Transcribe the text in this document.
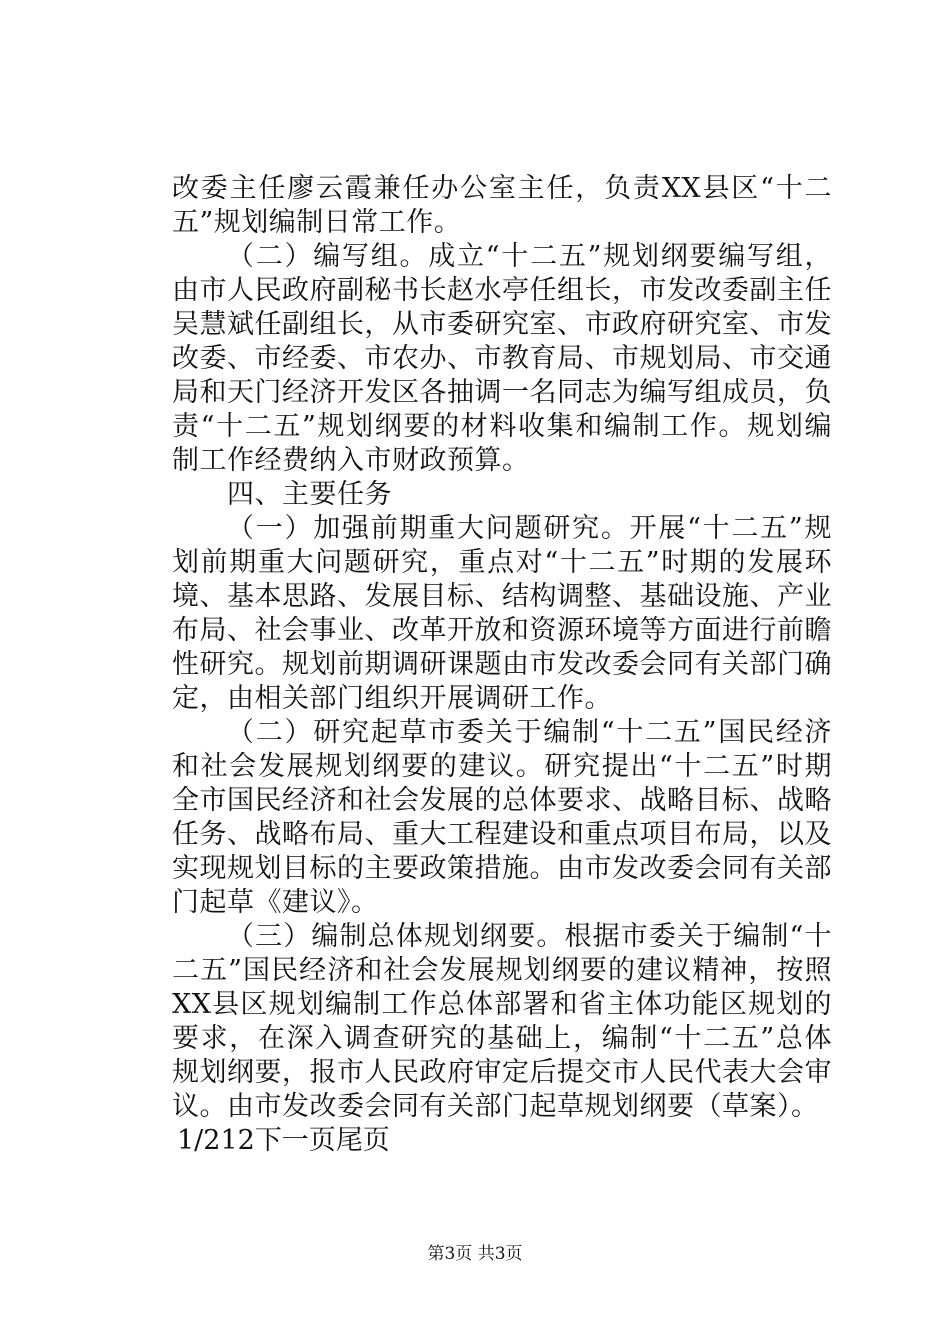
改委主任廖云霞兼任办公室主任，负责XX县区“十二五”规划编制日常工作。

（二）编写组。成立“十二五”规划纲要编写组，由市人民政府副秘书长赵水亭任组长，市发改委副主任吴慧斌任副组长，从市委研究室、市政府研究室、市发改委、市经委、市农办、市教育局、市规划局、市交通局和天门经济开发区各抽调一名同志为编写组成员，负责“十二五”规划纲要的材料收集和编制工作。规划编制工作经费纳入市财政预算。

四、主要任务

（一）加强前期重大问题研究。开展“十二五”规划前期重大问题研究，重点对“十二五”时期的发展环境、基本思路、发展目标、结构调整、基础设施、产业布局、社会事业、改革开放和资源环境等方面进行前瞻性研究。规划前期调研课题由市发改委会同有关部门确定，由相关部门组织开展调研工作。

（二）研究起草市委关于编制“十二五”国民经济和社会发展规划纲要的建议。研究提出“十二五”时期全市国民经济和社会发展的总体要求、战略目标、战略任务、战略布局、重大工程建设和重点项目布局，以及实现规划目标的主要政策措施。由市发改委会同有关部门起草《建议》。

（三）编制总体规划纲要。根据市委关于编制“十二五”国民经济和社会发展规划纲要的建议精神，按照XX县区规划编制工作总体部署和省主体功能区规划的要求，在深入调查研究的基础上，编制“十二五”总体规划纲要，报市人民政府审定后提交市人民代表大会审议。由市发改委会同有关部门起草规划纲要（草案）。

1/212下一页尾页

第3页 共3页
